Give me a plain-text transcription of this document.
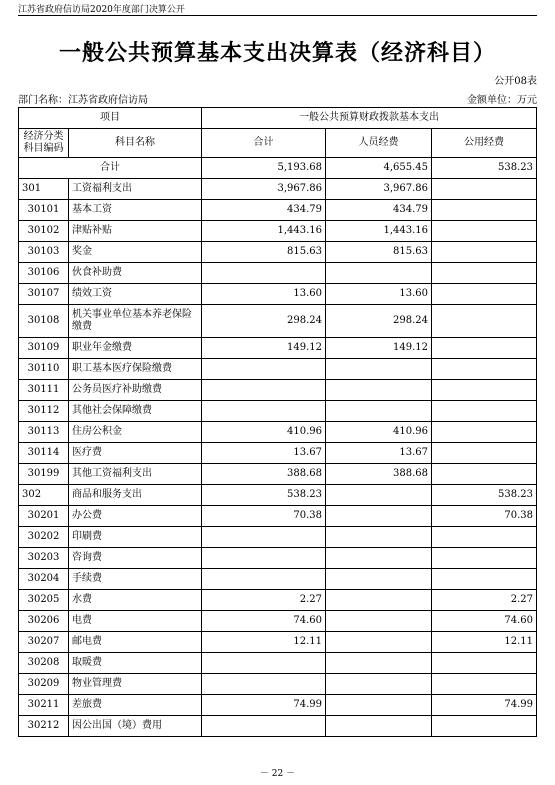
江苏省政府信访局2020年度部门决算公开
一般公共预算基本支出决算表（经济科目）
公开08表
部门名称：江苏省政府信访局	金额单位：万元
项目		一般公共预算财政拨款基本支出		
经济分类科目编码	科目名称	合计	人员经费	公用经费
合计		5,193.68	4,655.45	538.23
301	工资福利支出	3,967.86	3,967.86	
30101	基本工资	434.79	434.79	
30102	津贴补贴	1,443.16	1,443.16	
30103	奖金	815.63	815.63	
30106	伙食补助费			
30107	绩效工资	13.60	13.60	
30108	机关事业单位基本养老保险缴费	298.24	298.24	
30109	职业年金缴费	149.12	149.12	
30110	职工基本医疗保险缴费			
30111	公务员医疗补助缴费			
30112	其他社会保障缴费			
30113	住房公积金	410.96	410.96	
30114	医疗费	13.67	13.67	
30199	其他工资福利支出	388.68	388.68	
302	商品和服务支出	538.23		538.23
30201	办公费	70.38		70.38
30202	印刷费			
30203	咨询费			
30204	手续费			
30205	水费	2.27		2.27
30206	电费	74.60		74.60
30207	邮电费	12.11		12.11
30208	取暖费			
30209	物业管理费			
30211	差旅费	74.99		74.99
30212	因公出国（境）费用			
－ 22 －
